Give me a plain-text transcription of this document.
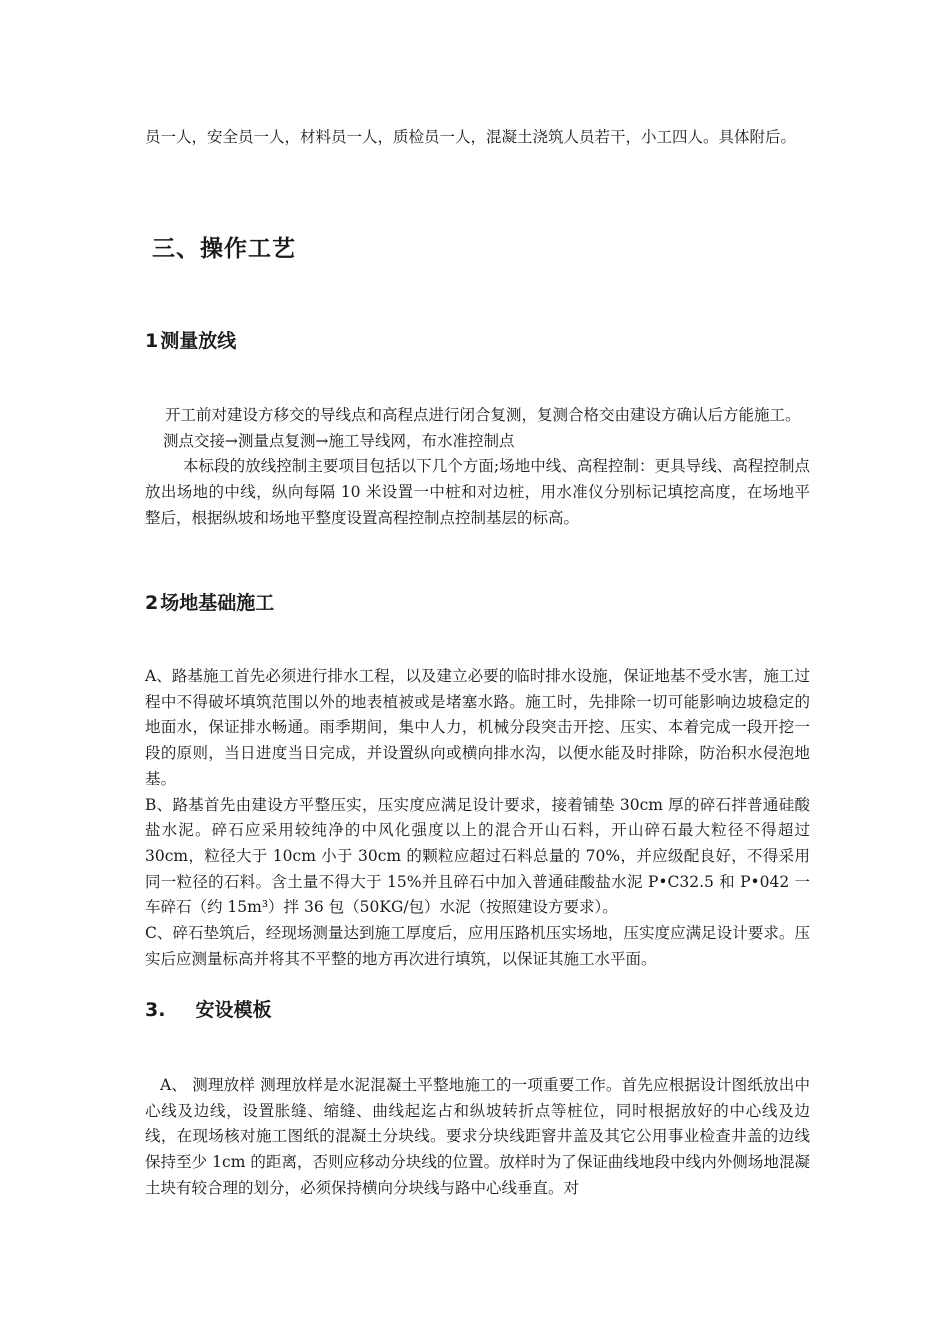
员一人，安全员一人，材料员一人，质检员一人，混凝土浇筑人员若干，小工四人。具体附后。

三、操作工艺
1 测量放线

开工前对建设方移交的导线点和高程点进行闭合复测，复测合格交由建设方确认后方能施工。

测点交接→测量点复测→施工导线网，布水准控制点

本标段的放线控制主要项目包括以下几个方面;场地中线、高程控制：更具导线、高程控制点放出场地的中线，纵向每隔 10 米设置一中桩和对边桩，用水准仪分别标记填挖高度，在场地平整后，根据纵坡和场地平整度设置高程控制点控制基层的标高。

2 场地基础施工

A、路基施工首先必须进行排水工程，以及建立必要的临时排水设施，保证地基不受水害，施工过程中不得破坏填筑范围以外的地表植被或是堵塞水路。施工时，先排除一切可能影响边坡稳定的地面水，保证排水畅通。雨季期间，集中人力，机械分段突击开挖、压实、本着完成一段开挖一段的原则，当日进度当日完成，并设置纵向或横向排水沟，以便水能及时排除，防治积水侵泡地基。

B、路基首先由建设方平整压实，压实度应满足设计要求，接着铺垫 30cm 厚的碎石拌普通硅酸盐水泥。碎石应采用较纯净的中风化强度以上的混合开山石料，开山碎石最大粒径不得超过 30cm，粒径大于 10cm 小于 30cm 的颗粒应超过石料总量的 70%，并应级配良好，不得采用同一粒径的石料。含土量不得大于 15%并且碎石中加入普通硅酸盐水泥 P•C32.5 和 P•042 一车碎石（约 15m³）拌 36 包（50KG/包）水泥（按照建设方要求）。

C、碎石垫筑后，经现场测量达到施工厚度后，应用压路机压实场地，压实度应满足设计要求。压实后应测量标高并将其不平整的地方再次进行填筑，以保证其施工水平面。

3. 安设模板

A、 测理放样 测理放样是水泥混凝土平整地施工的一项重要工作。首先应根据设计图纸放出中心线及边线，设置胀缝、缩缝、曲线起迄占和纵坡转折点等桩位，同时根据放好的中心线及边线，在现场核对施工图纸的混凝土分块线。要求分块线距窨井盖及其它公用事业检查井盖的边线保持至少 1cm 的距离，否则应移动分块线的位置。放样时为了保证曲线地段中线内外侧场地混凝土块有较合理的划分，必须保持横向分块线与路中心线垂直。对
